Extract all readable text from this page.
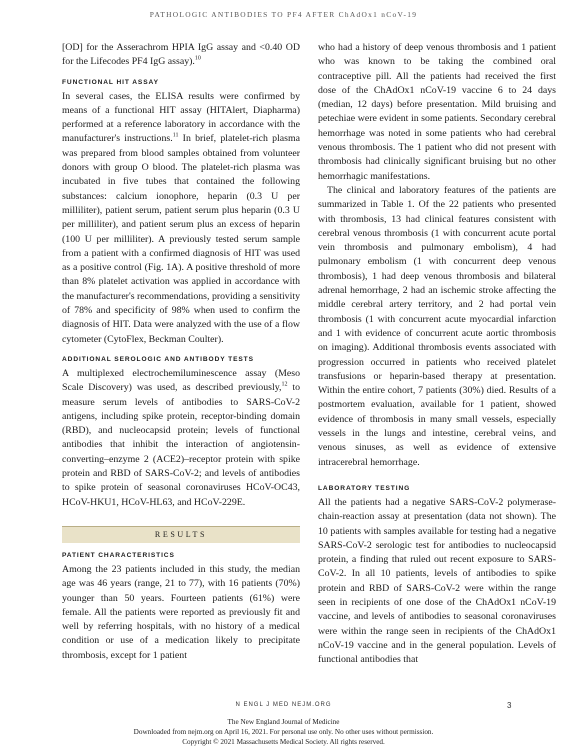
PATHOLOGIC ANTIBODIES TO PF4 AFTER ChAdOx1 nCoV-19

[OD] for the Asserachrom HPIA IgG assay and <0.40 OD for the Lifecodes PF4 IgG assay).$^{10}$

FUNCTIONAL HIT ASSAY

In several cases, the ELISA results were confirmed by means of a functional HIT assay (HITAlert, Diapharma) performed at a reference laboratory in accordance with the manufacturer's instructions.$^{11}$ In brief, platelet-rich plasma was prepared from blood samples obtained from volunteer donors with group O blood. The platelet-rich plasma was incubated in five tubes that contained the following substances: calcium ionophore, heparin (0.3 U per milliliter), patient serum, patient serum plus heparin (0.3 U per milliliter), and patient serum plus an excess of heparin (100 U per milliliter). A previously tested serum sample from a patient with a confirmed diagnosis of HIT was used as a positive control (Fig. 1A). A positive threshold of more than 8% platelet activation was applied in accordance with the manufacturer's recommendations, providing a sensitivity of 78% and specificity of 98% when used to confirm the diagnosis of HIT. Data were analyzed with the use of a flow cytometer (CytoFlex, Beckman Coulter).

ADDITIONAL SEROLOGIC AND ANTIBODY TESTS

A multiplexed electrochemiluminescence assay (Meso Scale Discovery) was used, as described previously,$^{12}$ to measure serum levels of antibodies to SARS-CoV-2 antigens, including spike protein, receptor-binding domain (RBD), and nucleocapsid protein; levels of functional antibodies that inhibit the interaction of angiotensin-converting–enzyme 2 (ACE2)–receptor protein with spike protein and RBD of SARS-CoV-2; and levels of antibodies to spike protein of seasonal coronaviruses HCoV-OC43, HCoV-HKU1, HCoV-HL63, and HCoV-229E.

RESULTS
PATIENT CHARACTERISTICS

Among the 23 patients included in this study, the median age was 46 years (range, 21 to 77), with 16 patients (70%) younger than 50 years. Fourteen patients (61%) were female. All the patients were reported as previously fit and well by referring hospitals, with no history of a medical condition or use of a medication likely to precipitate thrombosis, except for 1 patient

who had a history of deep venous thrombosis and 1 patient who was known to be taking the combined oral contraceptive pill. All the patients had received the first dose of the ChAdOx1 nCoV-19 vaccine 6 to 24 days (median, 12 days) before presentation. Mild bruising and petechiae were evident in some patients. Secondary cerebral hemorrhage was noted in some patients who had cerebral venous thrombosis. The 1 patient who did not present with thrombosis had clinically significant bruising but no other hemorrhagic manifestations.

The clinical and laboratory features of the patients are summarized in Table 1. Of the 22 patients who presented with thrombosis, 13 had clinical features consistent with cerebral venous thrombosis (1 with concurrent acute portal vein thrombosis and pulmonary embolism), 4 had pulmonary embolism (1 with concurrent deep venous thrombosis), 1 had deep venous thrombosis and bilateral adrenal hemorrhage, 2 had an ischemic stroke affecting the middle cerebral artery territory, and 2 had portal vein thrombosis (1 with concurrent acute myocardial infarction and 1 with evidence of concurrent acute aortic thrombosis on imaging). Additional thrombosis events associated with progression occurred in patients who received platelet transfusions or heparin-based therapy at presentation. Within the entire cohort, 7 patients (30%) died. Results of a postmortem evaluation, available for 1 patient, showed evidence of thrombosis in many small vessels, especially vessels in the lungs and intestine, cerebral veins, and venous sinuses, as well as evidence of extensive intracerebral hemorrhage.

LABORATORY TESTING

All the patients had a negative SARS-CoV-2 polymerase-chain-reaction assay at presentation (data not shown). The 10 patients with samples available for testing had a negative SARS-CoV-2 serologic test for antibodies to nucleocapsid protein, a finding that ruled out recent exposure to SARS-CoV-2. In all 10 patients, levels of antibodies to spike protein and RBD of SARS-CoV-2 were within the range seen in recipients of one dose of the ChAdOx1 nCoV-19 vaccine, and levels of antibodies to seasonal coronaviruses were within the range seen in recipients of the ChAdOx1 nCoV-19 vaccine and in the general population. Levels of functional antibodies that

N ENGL J MED NEJM.ORG	3
The New England Journal of Medicine
Downloaded from nejm.org on April 16, 2021. For personal use only. No other uses without permission.
Copyright © 2021 Massachusetts Medical Society. All rights reserved.
